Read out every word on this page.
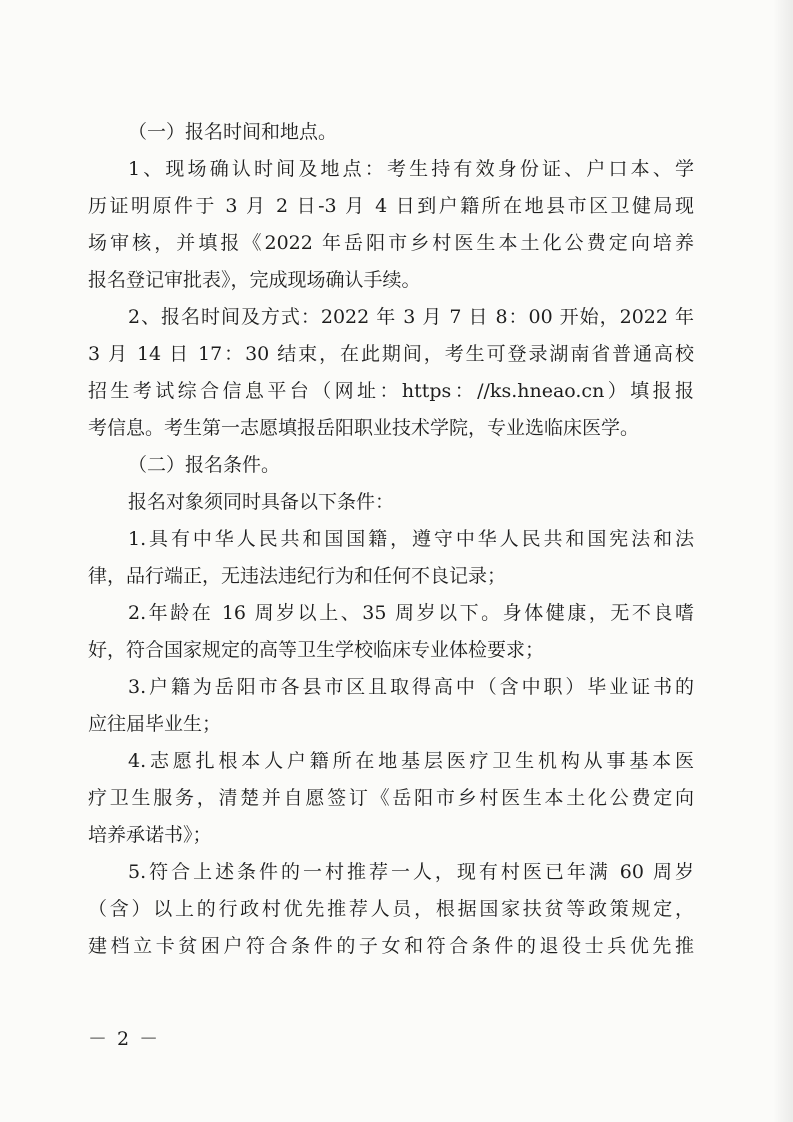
（一）报名时间和地点。
1、现场确认时间及地点：考生持有效身份证、户口本、学
历证明原件于 3 月 2 日-3 月 4 日到户籍所在地县市区卫健局现
场审核，并填报《2022 年岳阳市乡村医生本土化公费定向培养
报名登记审批表》，完成现场确认手续。
2、报名时间及方式：2022 年 3 月 7 日 8：00 开始，2022 年
3 月 14 日 17：30 结束，在此期间，考生可登录湖南省普通高校
招生考试综合信息平台（网址：https：//ks.hneao.cn）填报报
考信息。考生第一志愿填报岳阳职业技术学院，专业选临床医学。
（二）报名条件。
报名对象须同时具备以下条件：
1.具有中华人民共和国国籍，遵守中华人民共和国宪法和法
律，品行端正，无违法违纪行为和任何不良记录；
2.年龄在 16 周岁以上、35 周岁以下。身体健康，无不良嗜
好，符合国家规定的高等卫生学校临床专业体检要求；
3.户籍为岳阳市各县市区且取得高中（含中职）毕业证书的
应往届毕业生；
4.志愿扎根本人户籍所在地基层医疗卫生机构从事基本医
疗卫生服务，清楚并自愿签订《岳阳市乡村医生本土化公费定向
培养承诺书》；
5.符合上述条件的一村推荐一人，现有村医已年满 60 周岁
（含）以上的行政村优先推荐人员，根据国家扶贫等政策规定，
建档立卡贫困户符合条件的子女和符合条件的退役士兵优先推
－ 2 －
